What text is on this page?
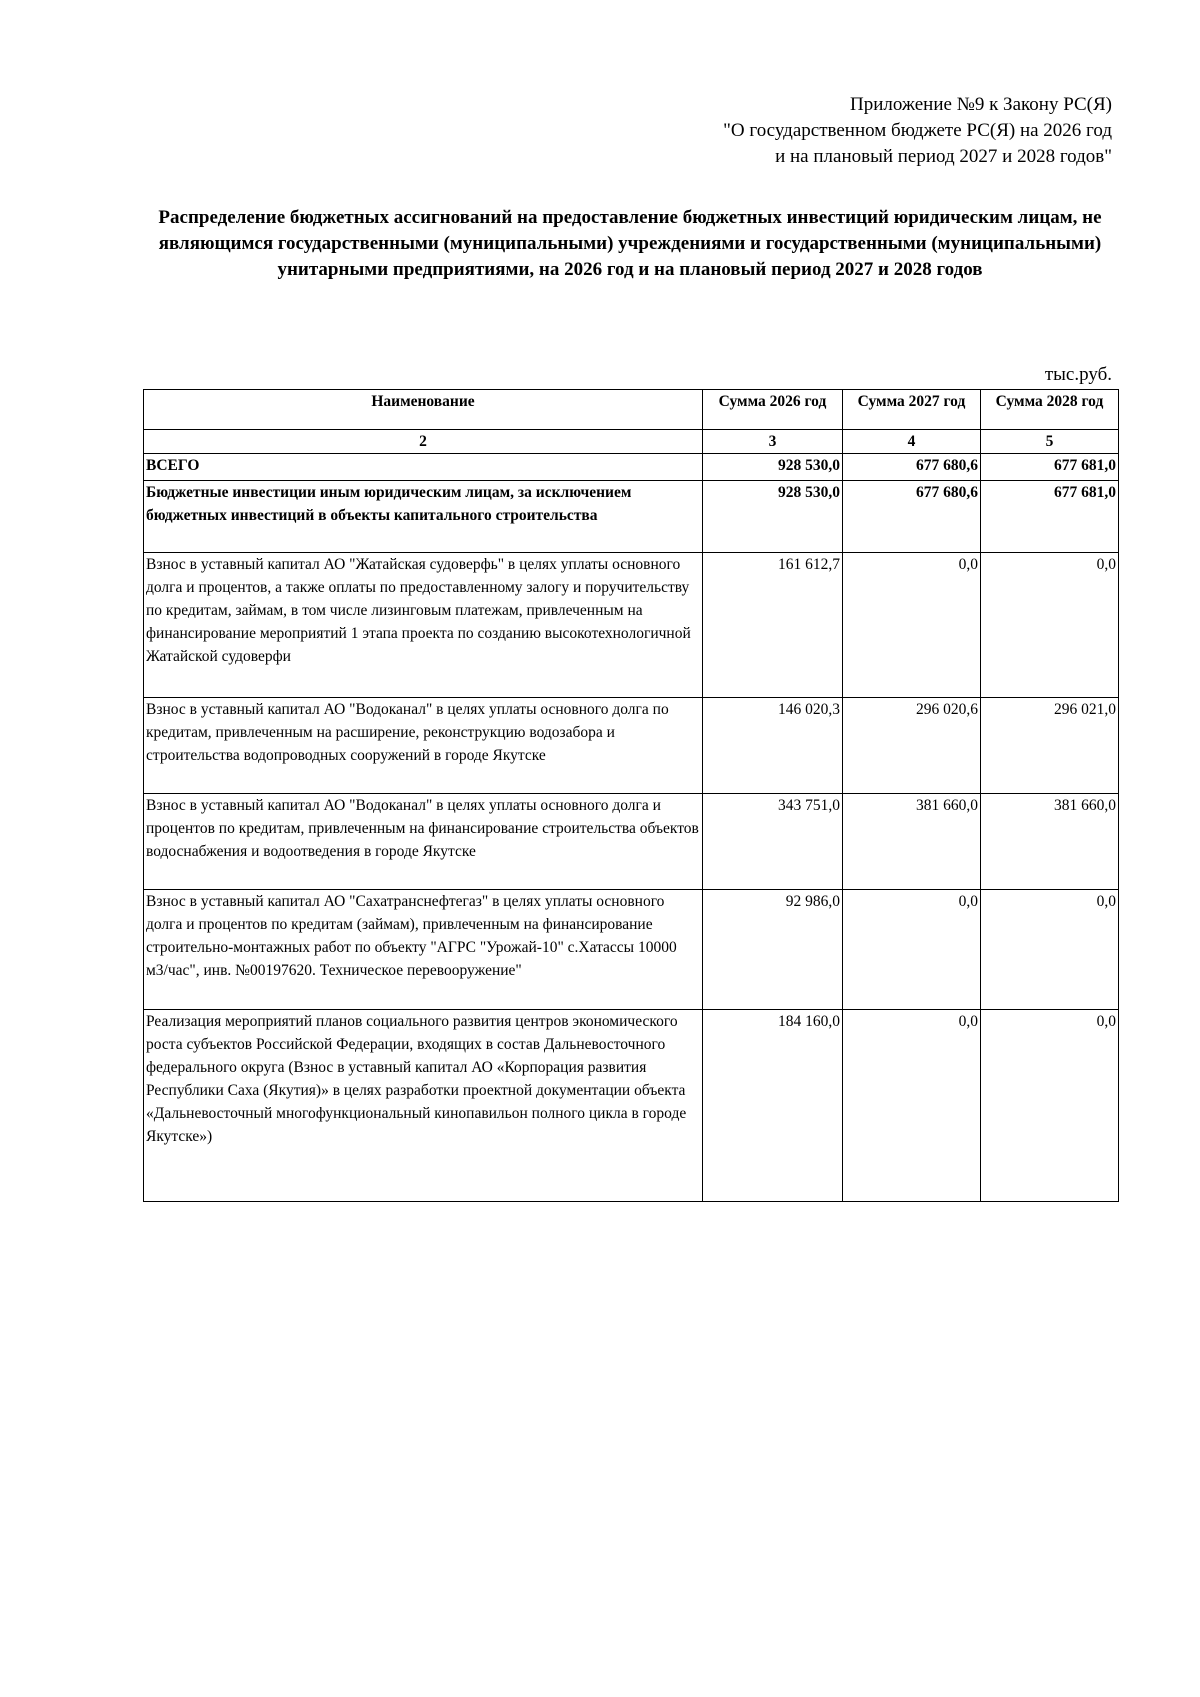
Приложение №9 к Закону РС(Я)
"О государственном бюджете РС(Я) на 2026 год
и на плановый период 2027 и 2028 годов"
Распределение бюджетных ассигнований на предоставление бюджетных инвестиций юридическим лицам, не являющимся государственными (муниципальными) учреждениями и государственными (муниципальными) унитарными предприятиями, на 2026 год и на плановый период 2027 и 2028 годов
тыс.руб.
Наименование	Сумма 2026 год	Сумма 2027 год	Сумма 2028 год
2	3	4	5
ВСЕГО	928 530,0	677 680,6	677 681,0
Бюджетные инвестиции иным юридическим лицам, за исключением бюджетных инвестиций в объекты капитального строительства	928 530,0	677 680,6	677 681,0
Взнос в уставный капитал АО "Жатайская судоверфь" в целях уплаты основного долга и процентов, а также оплаты по предоставленному залогу и поручительству по кредитам, займам, в том числе лизинговым платежам, привлеченным на финансирование мероприятий 1 этапа проекта по созданию высокотехнологичной Жатайской судоверфи	161 612,7	0,0	0,0
Взнос в уставный капитал АО "Водоканал" в целях уплаты основного долга по кредитам, привлеченным на расширение, реконструкцию водозабора и строительства водопроводных сооружений в городе Якутске	146 020,3	296 020,6	296 021,0
Взнос в уставный капитал АО "Водоканал" в целях уплаты основного долга и процентов по кредитам, привлеченным на финансирование строительства объектов водоснабжения и водоотведения в городе Якутске	343 751,0	381 660,0	381 660,0
Взнос в уставный капитал АО "Сахатранснефтегаз" в целях уплаты основного долга и процентов по кредитам (займам), привлеченным на финансирование строительно-монтажных работ по объекту "АГРС "Урожай-10" с.Хатассы 10000 м3/час", инв. №00197620. Техническое перевооружение"	92 986,0	0,0	0,0
Реализация мероприятий планов социального развития центров экономического роста субъектов Российской Федерации, входящих в состав Дальневосточного федерального округа (Взнос в уставный капитал АО «Корпорация развития Республики Саха (Якутия)» в целях разработки проектной документации объекта «Дальневосточный многофункциональный кинопавильон полного цикла в городе Якутске»)	184 160,0	0,0	0,0
